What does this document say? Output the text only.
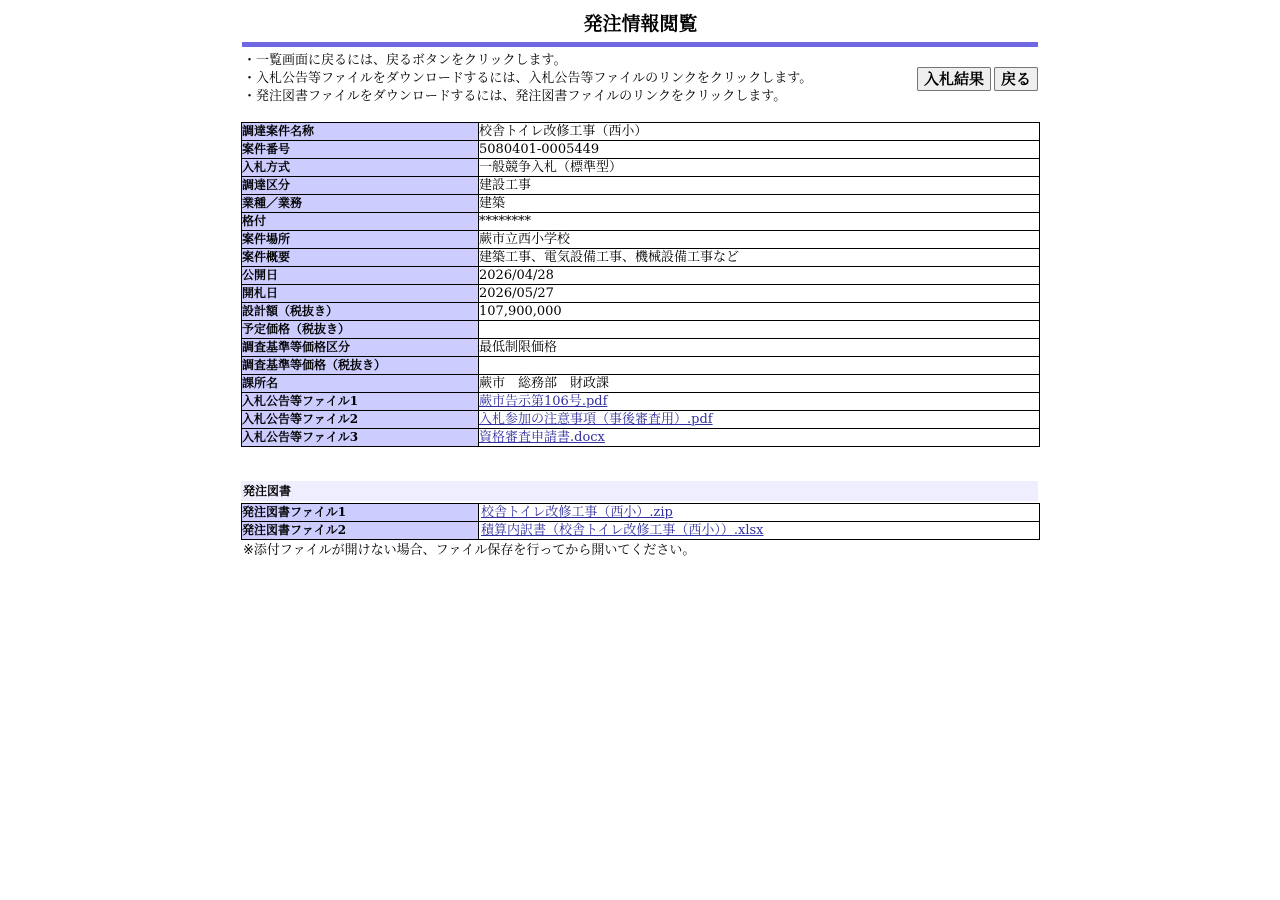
発注情報閲覧
・一覧画面に戻るには、戻るボタンをクリックします。
・入札公告等ファイルをダウンロードするには、入札公告等ファイルのリンクをクリックします。
・発注図書ファイルをダウンロードするには、発注図書ファイルのリンクをクリックします。
入札結果	戻る
調達案件名称	校舎トイレ改修工事（西小）
案件番号	5080401-0005449
入札方式	一般競争入札（標準型）
調達区分	建設工事
業種／業務	建築
格付	********
案件場所	蕨市立西小学校
案件概要	建築工事、電気設備工事、機械設備工事など
公開日	2026/04/28
開札日	2026/05/27
設計額（税抜き）	107,900,000
予定価格（税抜き）	
調査基準等価格区分	最低制限価格
調査基準等価格（税抜き）	
課所名	蕨市　総務部　財政課
入札公告等ファイル1	蕨市告示第106号.pdf
入札公告等ファイル2	入札参加の注意事項（事後審査用）.pdf
入札公告等ファイル3	資格審査申請書.docx
発注図書
発注図書ファイル1	校舎トイレ改修工事（西小）.zip
発注図書ファイル2	積算内訳書（校舎トイレ改修工事（西小））.xlsx
※添付ファイルが開けない場合、ファイル保存を行ってから開いてください。
